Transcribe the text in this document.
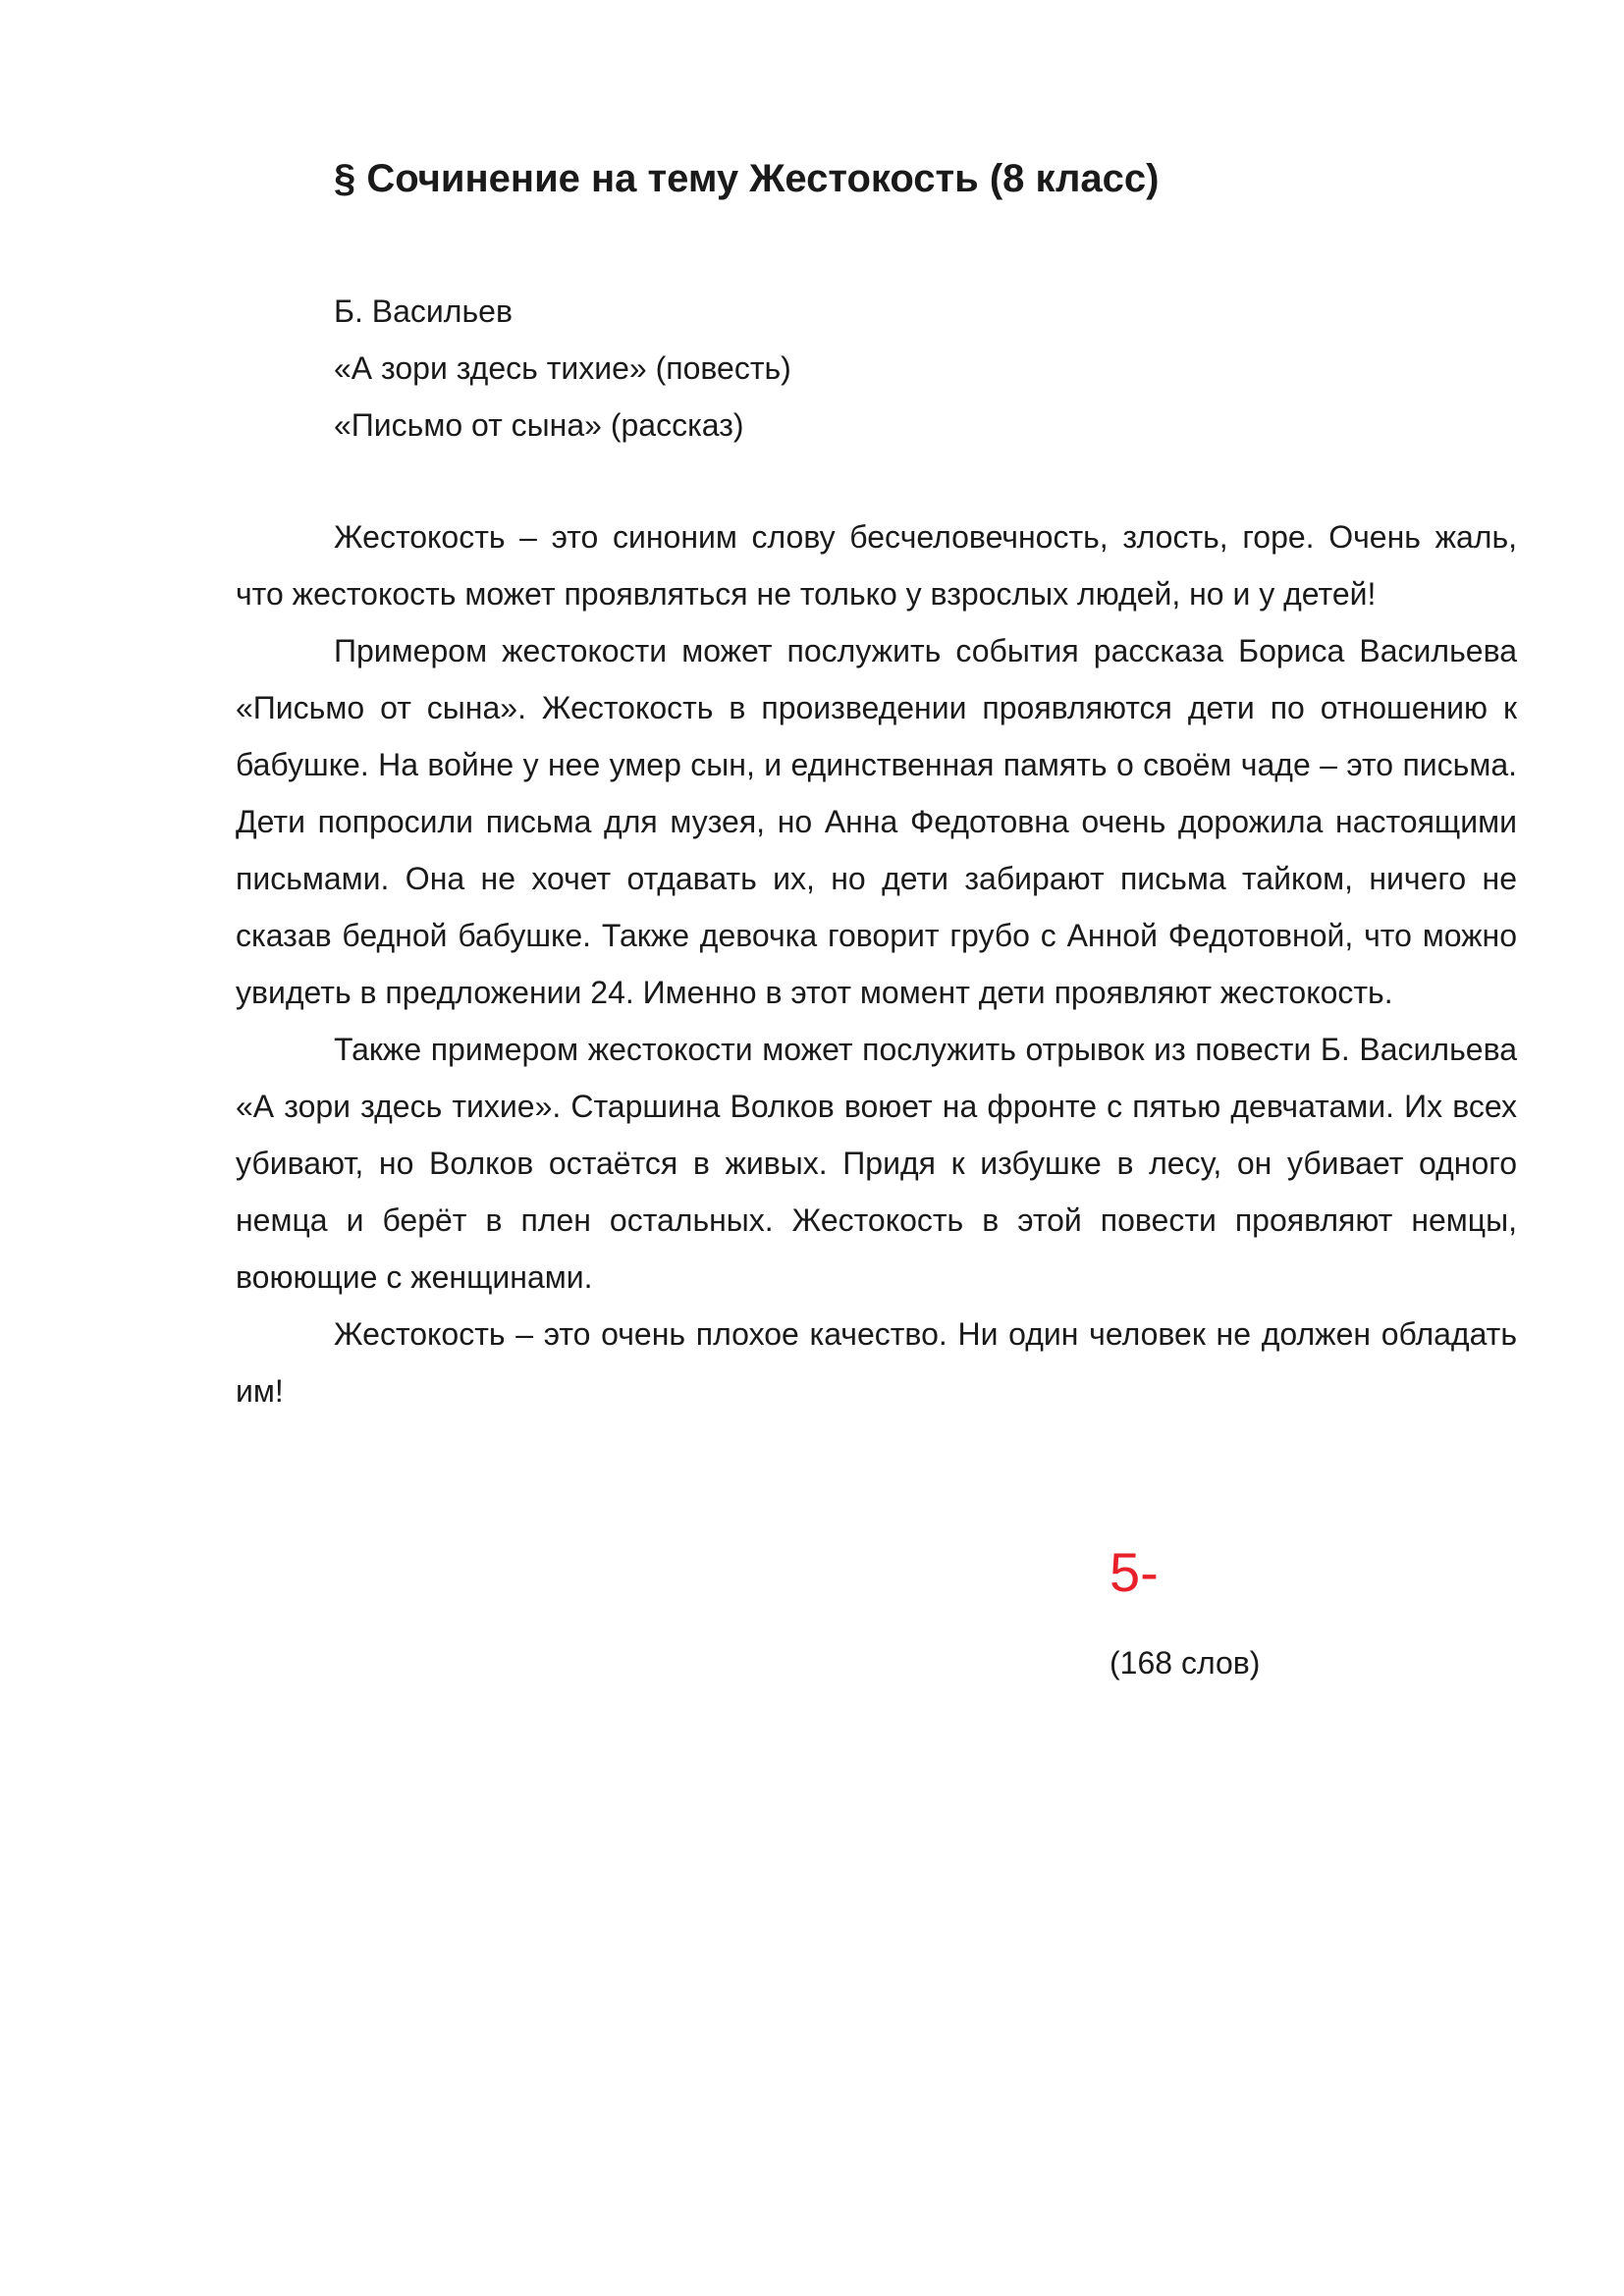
§ Сочинение на тему Жестокость (8 класс)
Б. Васильев
«А зори здесь тихие» (повесть)
«Письмо от сына» (рассказ)

Жестокость – это синоним слову бесчеловечность, злость, горе. Очень жаль, что жестокость может проявляться не только у взрослых людей, но и у детей!

Примером жестокости может послужить события рассказа Бориса Васильева «Письмо от сына». Жестокость в произведении проявляются дети по отношению к бабушке. На войне у нее умер сын, и единственная память о своём чаде – это письма. Дети попросили письма для музея, но Анна Федотовна очень дорожила настоящими письмами. Она не хочет отдавать их, но дети забирают письма тайком, ничего не сказав бедной бабушке. Также девочка говорит грубо с Анной Федотовной, что можно увидеть в предложении 24. Именно в этот момент дети проявляют жестокость.

Также примером жестокости может послужить отрывок из повести Б. Васильева «А зори здесь тихие». Старшина Волков воюет на фронте с пятью девчатами. Их всех убивают, но Волков остаётся в живых. Придя к избушке в лесу, он убивает одного немца и берёт в плен остальных. Жестокость в этой повести проявляют немцы, воюющие с женщинами.

Жестокость – это очень плохое качество. Ни один человек не должен обладать им!

5-
(168 слов)
